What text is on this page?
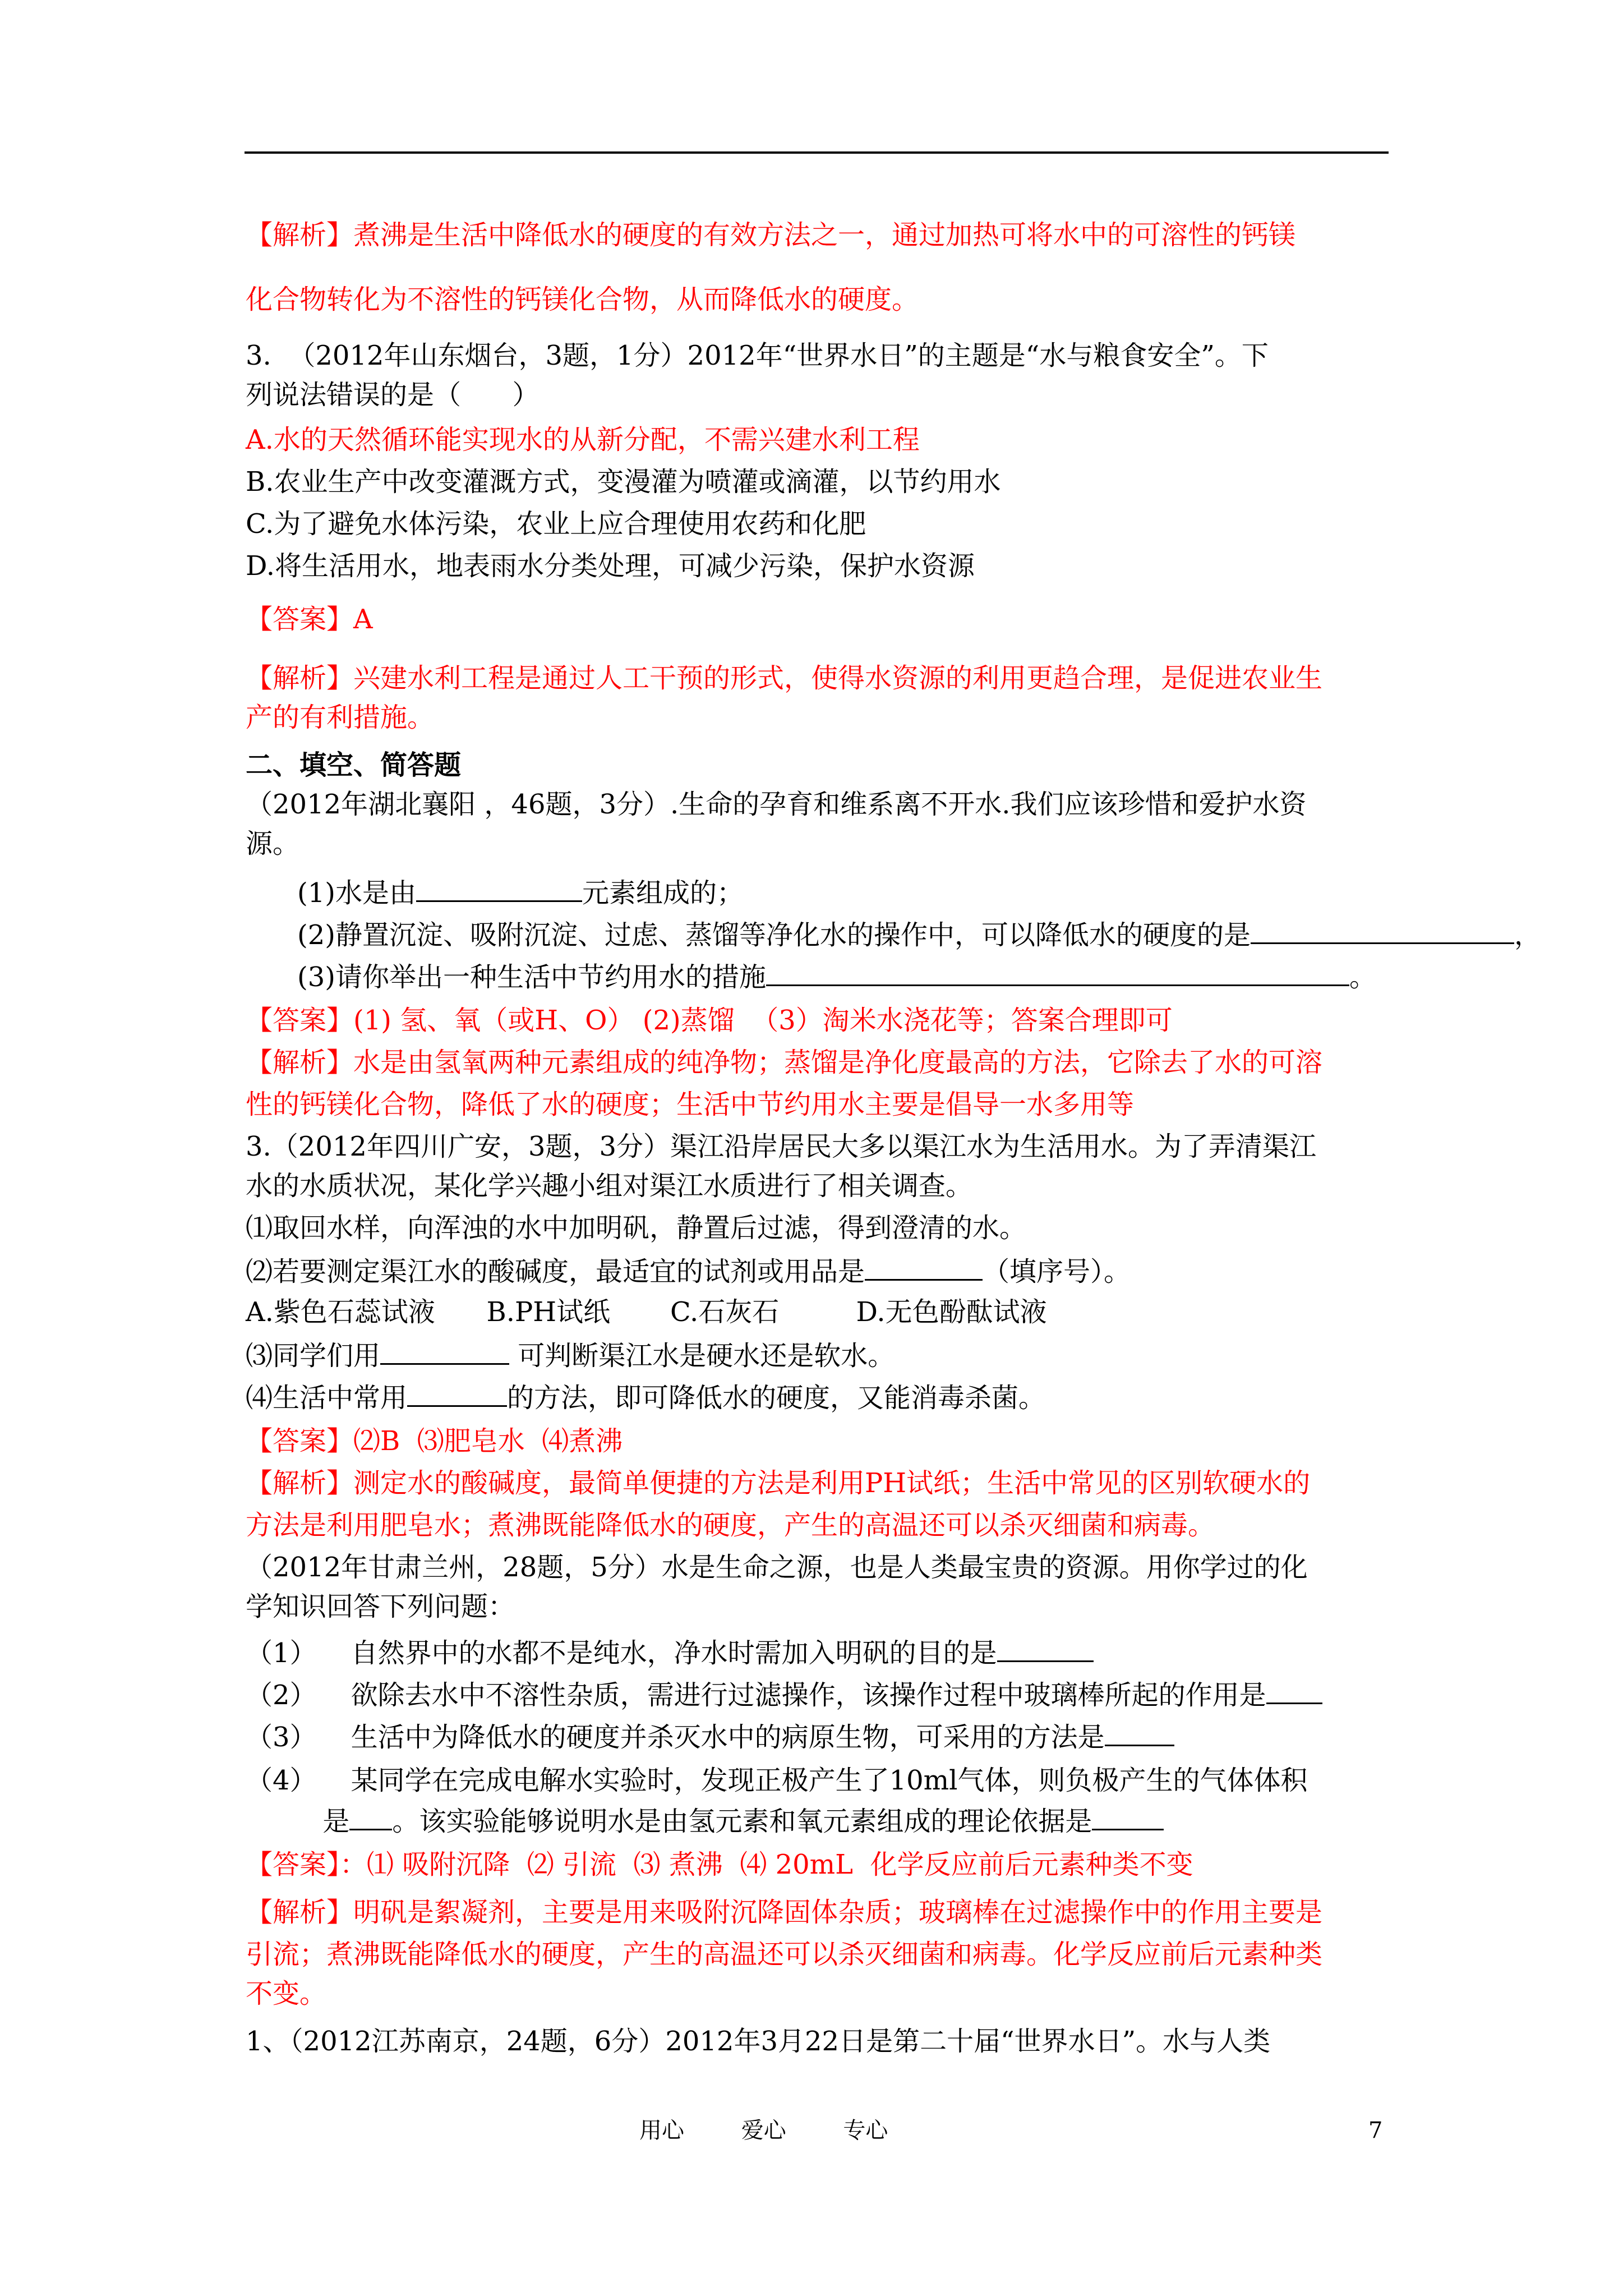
【解析】煮沸是生活中降低水的硬度的有效方法之一，通过加热可将水中的可溶性的钙镁
化合物转化为不溶性的钙镁化合物，从而降低水的硬度。
3.  （2012年山东烟台，3题，1分）2012年“世界水日”的主题是“水与粮食安全”。下
列说法错误的是（      ）
A.水的天然循环能实现水的从新分配，不需兴建水利工程
B.农业生产中改变灌溉方式，变漫灌为喷灌或滴灌，以节约用水
C.为了避免水体污染，农业上应合理使用农药和化肥
D.将生活用水，地表雨水分类处理，可减少污染，保护水资源
【答案】A
【解析】兴建水利工程是通过人工干预的形式，使得水资源的利用更趋合理，是促进农业生
产的有利措施。
二、填空、简答题
（2012年湖北襄阳 ，46题，3分）.生命的孕育和维系离不开水.我们应该珍惜和爱护水资
源。
(1)水是由	元素组成的；
(2)静置沉淀、吸附沉淀、过虑、蒸馏等净化水的操作中，可以降低水的硬度的是	，
(3)请你举出一种生活中节约用水的措施	。
【答案】(1) 氢、氧（或H、O） (2)蒸馏  （3）淘米水浇花等；答案合理即可
【解析】水是由氢氧两种元素组成的纯净物；蒸馏是净化度最高的方法，它除去了水的可溶
性的钙镁化合物，降低了水的硬度；生活中节约用水主要是倡导一水多用等
3.（2012年四川广安，3题，3分）渠江沿岸居民大多以渠江水为生活用水。为了弄清渠江
水的水质状况，某化学兴趣小组对渠江水质进行了相关调查。
⑴取回水样，向浑浊的水中加明矾，静置后过滤，得到澄清的水。
⑵若要测定渠江水的酸碱度，最适宜的试剂或用品是	（填序号）。
A.紫色石蕊试液      B.PH试纸       C.石灰石         D.无色酚酞试液
⑶同学们用	可判断渠江水是硬水还是软水。
⑷生活中常用	的方法，即可降低水的硬度，又能消毒杀菌。
【答案】⑵B  ⑶肥皂水  ⑷煮沸
【解析】测定水的酸碱度，最简单便捷的方法是利用PH试纸；生活中常见的区别软硬水的
方法是利用肥皂水；煮沸既能降低水的硬度，产生的高温还可以杀灭细菌和病毒。
（2012年甘肃兰州，28题，5分）水是生命之源，也是人类最宝贵的资源。用你学过的化
学知识回答下列问题：
（1）    自然界中的水都不是纯水，净水时需加入明矾的目的是
（2）    欲除去水中不溶性杂质，需进行过滤操作，该操作过程中玻璃棒所起的作用是
（3）    生活中为降低水的硬度并杀灭水中的病原生物，可采用的方法是
（4）    某同学在完成电解水实验时，发现正极产生了10ml气体，则负极产生的气体体积
是 。该实验能够说明水是由氢元素和氧元素组成的理论依据是
【答案】：⑴ 吸附沉降  ⑵ 引流  ⑶ 煮沸  ⑷ 20mL  化学反应前后元素种类不变
【解析】明矾是絮凝剂，主要是用来吸附沉降固体杂质；玻璃棒在过滤操作中的作用主要是
引流；煮沸既能降低水的硬度，产生的高温还可以杀灭细菌和病毒。化学反应前后元素种类
不变。
1、（2012江苏南京，24题，6分）2012年3月22日是第二十届“世界水日”。水与人类
用心        爱心        专心	7
